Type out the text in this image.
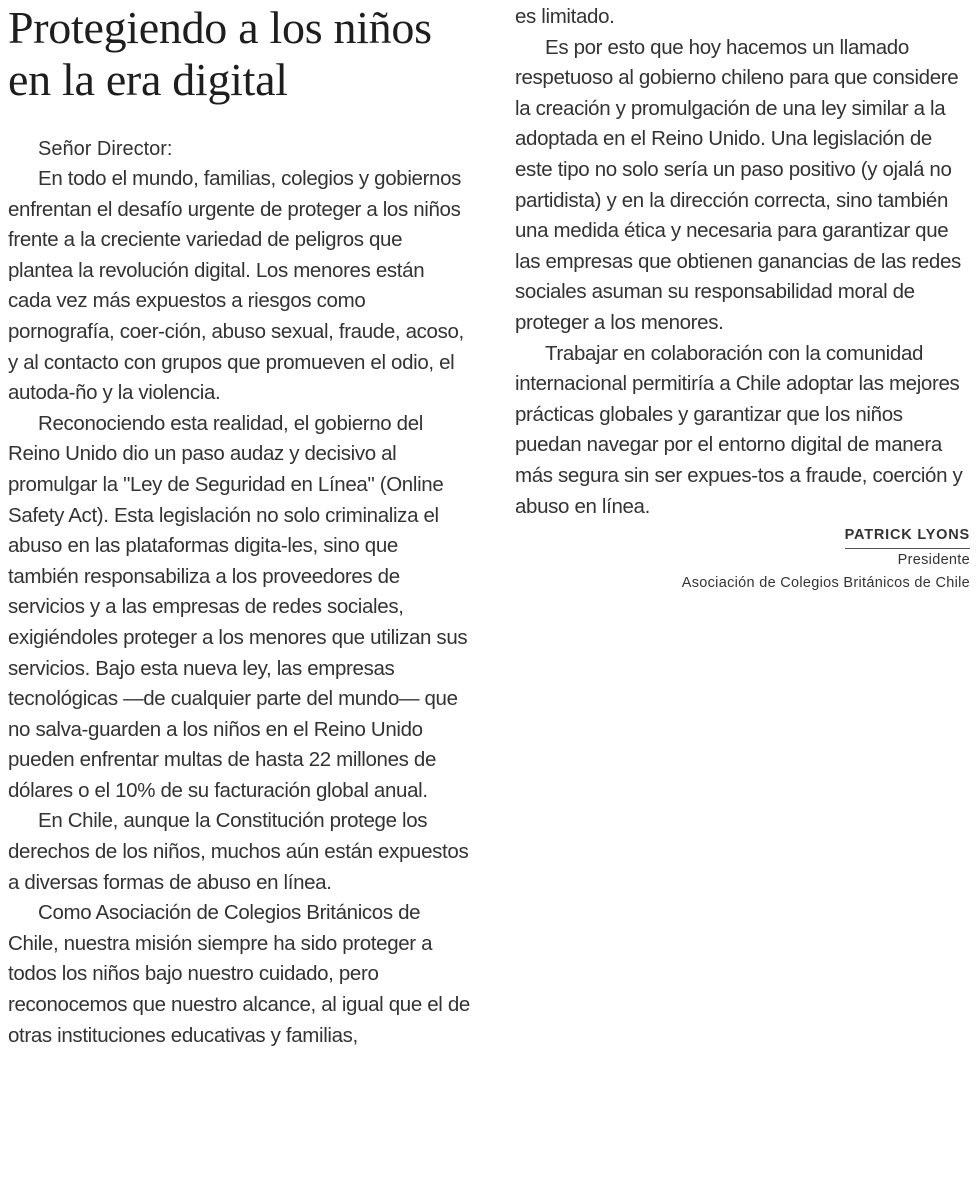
Protegiendo a los niños en la era digital

Señor Director:

En todo el mundo, familias, colegios y gobiernos enfrentan el desafío urgente de proteger a los niños frente a la creciente variedad de peligros que plantea la revolución digital. Los menores están cada vez más expuestos a riesgos como pornografía, coer-ción, abuso sexual, fraude, acoso, y al contacto con grupos que promueven el odio, el autoda-ño y la violencia.

Reconociendo esta realidad, el gobierno del Reino Unido dio un paso audaz y decisivo al promulgar la "Ley de Seguridad en Línea" (Online Safety Act). Esta legislación no solo criminaliza el abuso en las plataformas digita-les, sino que también responsabiliza a los proveedores de servicios y a las empresas de redes sociales, exigiéndoles proteger a los menores que utilizan sus servicios. Bajo esta nueva ley, las empresas tecnológicas —de cualquier parte del mundo— que no salva-guarden a los niños en el Reino Unido pueden enfrentar multas de hasta 22 millones de dólares o el 10% de su facturación global anual.

En Chile, aunque la Constitución protege los derechos de los niños, muchos aún están expuestos a diversas formas de abuso en línea.

Como Asociación de Colegios Británicos de Chile, nuestra misión siempre ha sido proteger a todos los niños bajo nuestro cuidado, pero reconocemos que nuestro alcance, al igual que el de otras instituciones educativas y familias,

es limitado.

Es por esto que hoy hacemos un llamado respetuoso al gobierno chileno para que considere la creación y promulgación de una ley similar a la adoptada en el Reino Unido. Una legislación de este tipo no solo sería un paso positivo (y ojalá no partidista) y en la dirección correcta, sino también una medida ética y necesaria para garantizar que las empresas que obtienen ganancias de las redes sociales asuman su responsabilidad moral de proteger a los menores.

Trabajar en colaboración con la comunidad internacional permitiría a Chile adoptar las mejores prácticas globales y garantizar que los niños puedan navegar por el entorno digital de manera más segura sin ser expues-tos a fraude, coerción y abuso en línea.

PATRICK LYONS
Presidente
Asociación de Colegios Británicos de Chile
